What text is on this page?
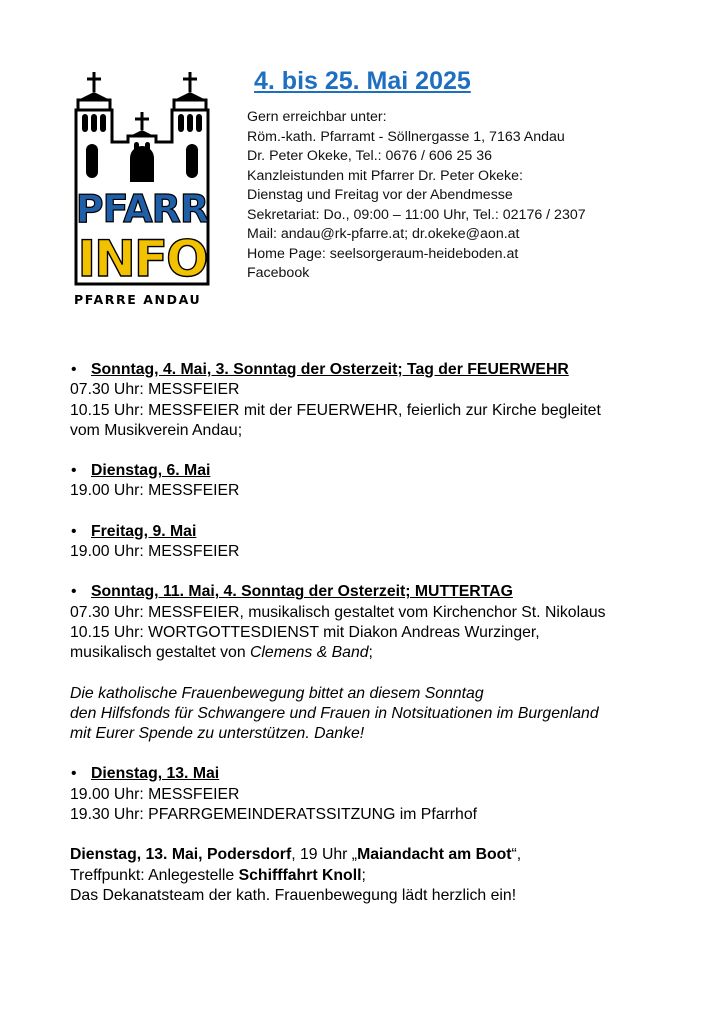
PFARR
INFO
PFARRE ANDAU
4. bis 25. Mai 2025
Gern erreichbar unter:
Röm.-kath. Pfarramt - Söllnergasse 1, 7163 Andau
Dr. Peter Okeke, Tel.: 0676 / 606 25 36
Kanzleistunden mit Pfarrer Dr. Peter Okeke:
Dienstag und Freitag vor der Abendmesse
Sekretariat: Do., 09:00 – 11:00 Uhr, Tel.: 02176 / 2307
Mail: andau@rk-pfarre.at; dr.okeke@aon.at
Home Page: seelsorgeraum-heideboden.at
Facebook
• Sonntag, 4. Mai, 3. Sonntag der Osterzeit; Tag der FEUERWEHR
07.30 Uhr: MESSFEIER
10.15 Uhr: MESSFEIER mit der FEUERWEHR, feierlich zur Kirche begleitet
vom Musikverein Andau;
• Dienstag, 6. Mai
19.00 Uhr: MESSFEIER
• Freitag, 9. Mai
19.00 Uhr: MESSFEIER
• Sonntag, 11. Mai, 4. Sonntag der Osterzeit; MUTTERTAG
07.30 Uhr: MESSFEIER, musikalisch gestaltet vom Kirchenchor St. Nikolaus
10.15 Uhr: WORTGOTTESDIENST mit Diakon Andreas Wurzinger,
musikalisch gestaltet von Clemens & Band;
Die katholische Frauenbewegung bittet an diesem Sonntag
den Hilfsfonds für Schwangere und Frauen in Notsituationen im Burgenland
mit Eurer Spende zu unterstützen. Danke!
• Dienstag, 13. Mai
19.00 Uhr: MESSFEIER
19.30 Uhr: PFARRGEMEINDERATSSITZUNG im Pfarrhof
Dienstag, 13. Mai, Podersdorf, 19 Uhr „Maiandacht am Boot“,
Treffpunkt: Anlegestelle Schifffahrt Knoll;
Das Dekanatsteam der kath. Frauenbewegung lädt herzlich ein!
